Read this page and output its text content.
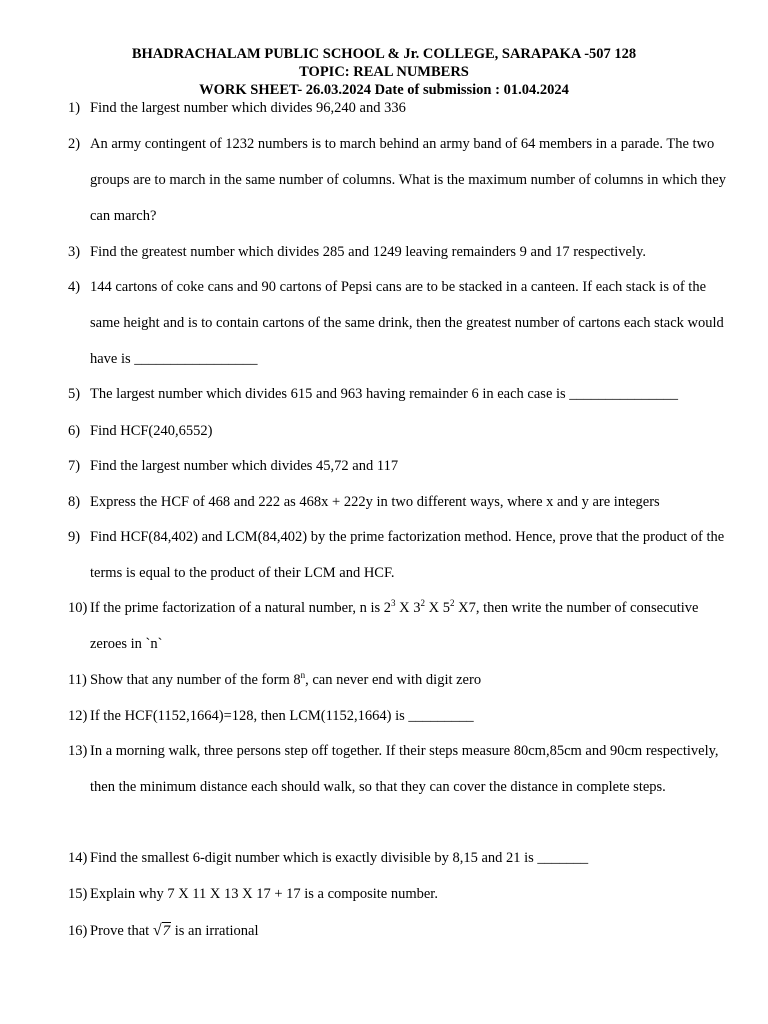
BHADRACHALAM PUBLIC SCHOOL & Jr. COLLEGE, SARAPAKA -507 128
TOPIC: REAL NUMBERS
WORK SHEET- 26.03.2024 Date of submission : 01.04.2024
1) Find the largest number which divides 96,240 and 336
2) An army contingent of 1232 numbers is to march behind an army band of 64 members in a parade. The two groups are to march in the same number of columns. What is the maximum number of columns in which they can march?
3) Find the greatest number which divides 285 and 1249 leaving remainders 9 and 17 respectively.
4) 144 cartons of coke cans and 90 cartons of Pepsi cans are to be stacked in a canteen. If each stack is of the same height and is to contain cartons of the same drink, then the greatest number of cartons each stack would have is _________________
5) The largest number which divides 615 and 963 having remainder 6 in each case is _______________
6) Find HCF(240,6552)
7) Find the largest number which divides 45,72 and 117
8) Express the HCF of 468 and 222 as 468x + 222y in two different ways, where x and y are integers
9) Find HCF(84,402) and LCM(84,402) by the prime factorization method. Hence, prove that the product of the terms is equal to the product of their LCM and HCF.
10) If the prime factorization of a natural number, n is $2^3$ X $3^2$ X $5^2$ X7, then write the number of consecutive zeroes in `n`
11) Show that any number of the form 8$^n$, can never end with digit zero
12) If the HCF(1152,1664)=128, then LCM(1152,1664) is _________
13) In a morning walk, three persons step off together. If their steps measure 80cm,85cm and 90cm respectively, then the minimum distance each should walk, so that they can cover the distance in complete steps.
14) Find the smallest 6-digit number which is exactly divisible by 8,15 and 21 is _______
15) Explain why 7 X 11 X 13 X 17 + 17 is a composite number.
16) Prove that √7 is an irrational
